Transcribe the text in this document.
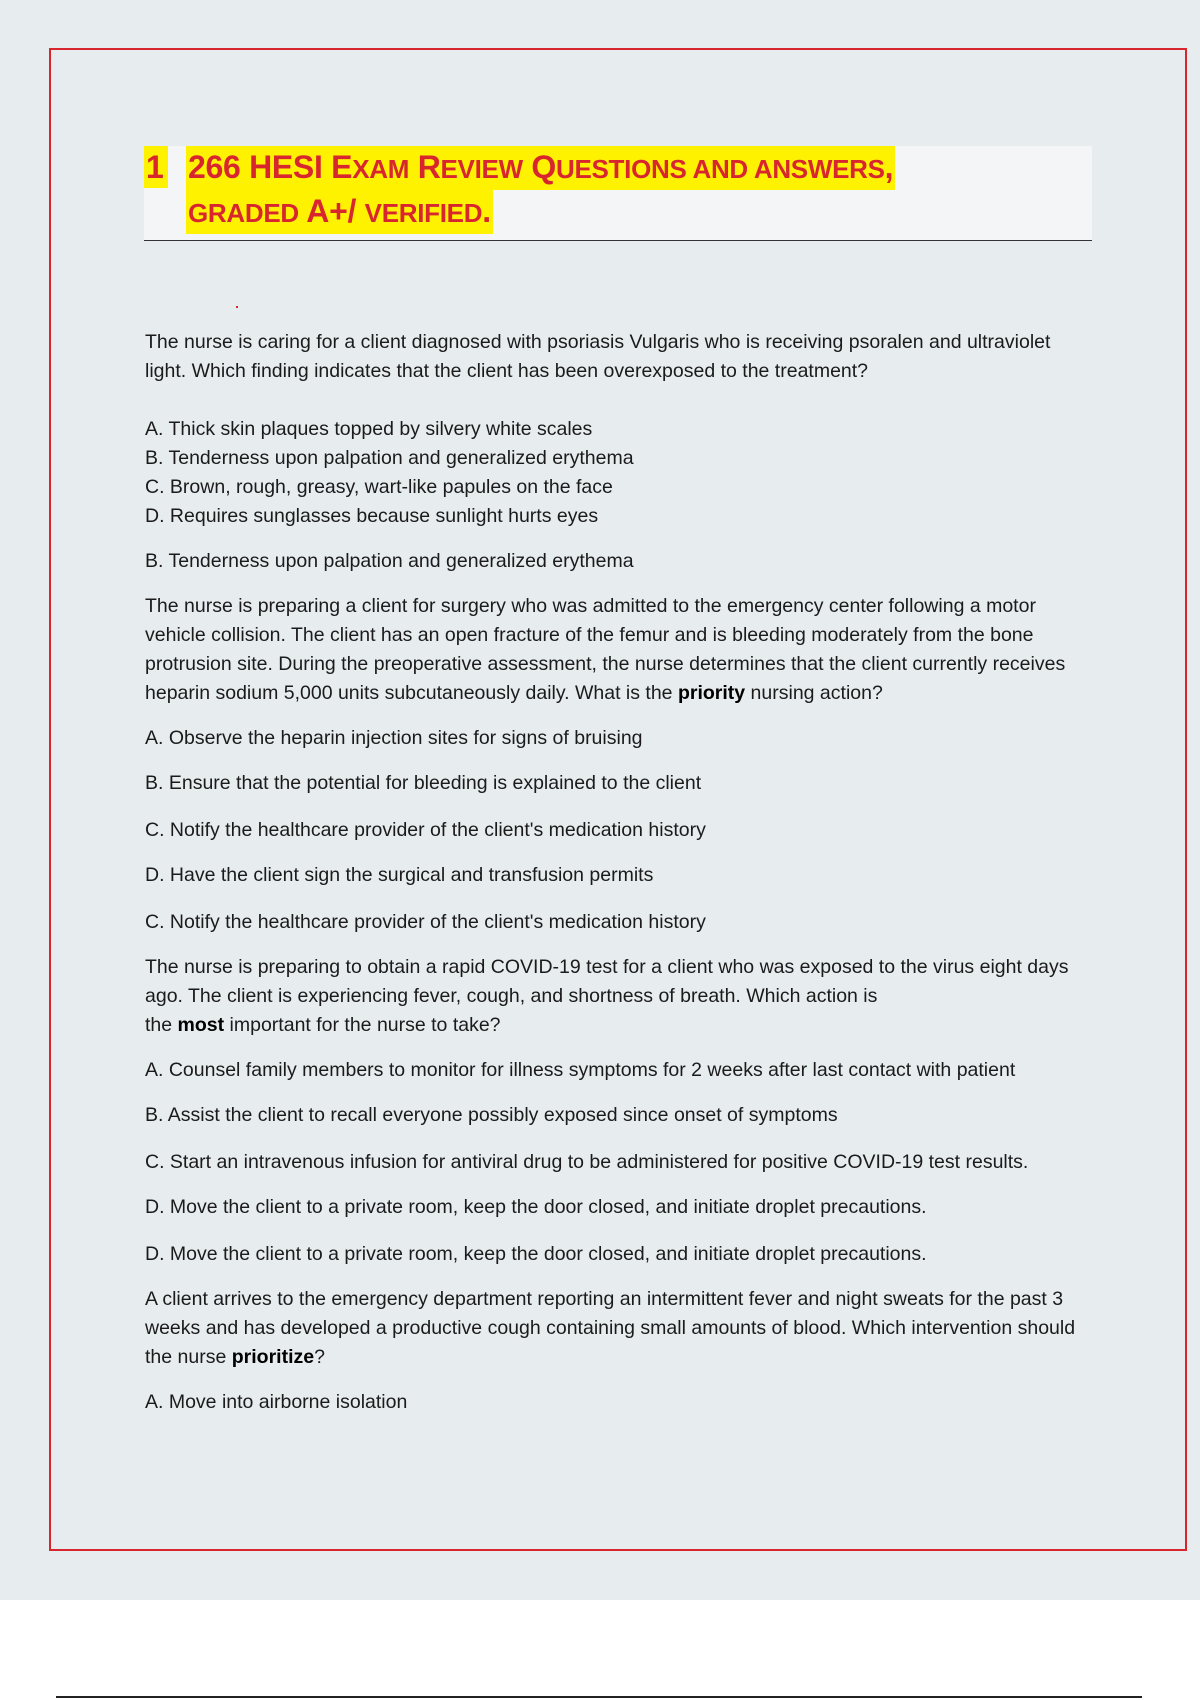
1 266 HESI EXAM REVIEW QUESTIONS AND ANSWERS,
GRADED A+/ VERIFIED.

The nurse is caring for a client diagnosed with psoriasis Vulgaris who is receiving psoralen and ultraviolet light. Which finding indicates that the client has been overexposed to the treatment?

A. Thick skin plaques topped by silvery white scales

B. Tenderness upon palpation and generalized erythema

C. Brown, rough, greasy, wart-like papules on the face

D. Requires sunglasses because sunlight hurts eyes

B. Tenderness upon palpation and generalized erythema

The nurse is preparing a client for surgery who was admitted to the emergency center following a motor vehicle collision. The client has an open fracture of the femur and is bleeding moderately from the bone protrusion site. During the preoperative assessment, the nurse determines that the client currently receives heparin sodium 5,000 units subcutaneously daily. What is the priority nursing action?

A. Observe the heparin injection sites for signs of bruising

B. Ensure that the potential for bleeding is explained to the client

C. Notify the healthcare provider of the client's medication history

D. Have the client sign the surgical and transfusion permits

C. Notify the healthcare provider of the client's medication history

The nurse is preparing to obtain a rapid COVID-19 test for a client who was exposed to the virus eight days ago. The client is experiencing fever, cough, and shortness of breath. Which action is
the most important for the nurse to take?

A. Counsel family members to monitor for illness symptoms for 2 weeks after last contact with patient

B. Assist the client to recall everyone possibly exposed since onset of symptoms

C. Start an intravenous infusion for antiviral drug to be administered for positive COVID-19 test results.

D. Move the client to a private room, keep the door closed, and initiate droplet precautions.

D. Move the client to a private room, keep the door closed, and initiate droplet precautions.

A client arrives to the emergency department reporting an intermittent fever and night sweats for the past 3 weeks and has developed a productive cough containing small amounts of blood. Which intervention should the nurse prioritize?

A. Move into airborne isolation
